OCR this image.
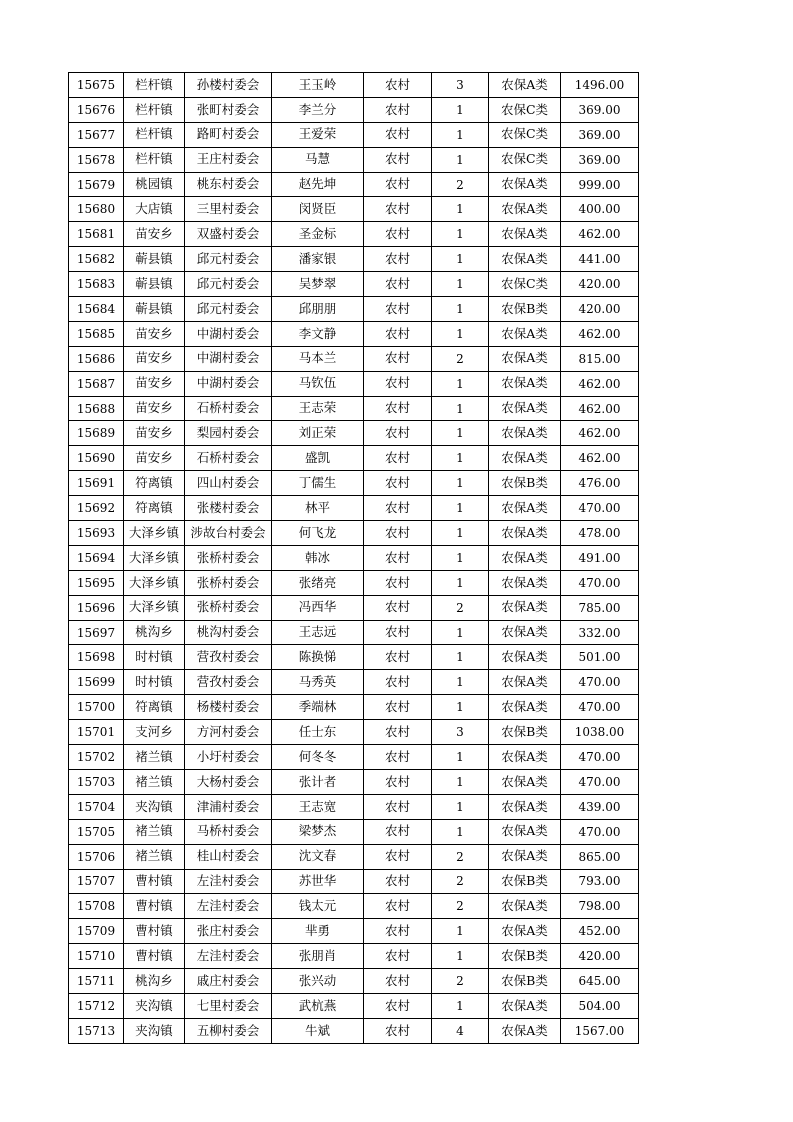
15675	栏杆镇	孙楼村委会	王玉岭	农村	3	农保A类	1496.00
15676	栏杆镇	张町村委会	李兰分	农村	1	农保C类	369.00
15677	栏杆镇	路町村委会	王爱荣	农村	1	农保C类	369.00
15678	栏杆镇	王庄村委会	马慧	农村	1	农保C类	369.00
15679	桃园镇	桃东村委会	赵先坤	农村	2	农保A类	999.00
15680	大店镇	三里村委会	闵贤臣	农村	1	农保A类	400.00
15681	苗安乡	双盛村委会	圣金标	农村	1	农保A类	462.00
15682	蕲县镇	邱元村委会	潘家银	农村	1	农保A类	441.00
15683	蕲县镇	邱元村委会	吴梦翠	农村	1	农保C类	420.00
15684	蕲县镇	邱元村委会	邱朋朋	农村	1	农保B类	420.00
15685	苗安乡	中湖村委会	李文静	农村	1	农保A类	462.00
15686	苗安乡	中湖村委会	马本兰	农村	2	农保A类	815.00
15687	苗安乡	中湖村委会	马钦伍	农村	1	农保A类	462.00
15688	苗安乡	石桥村委会	王志荣	农村	1	农保A类	462.00
15689	苗安乡	梨园村委会	刘正荣	农村	1	农保A类	462.00
15690	苗安乡	石桥村委会	盛凯	农村	1	农保A类	462.00
15691	符离镇	四山村委会	丁儒生	农村	1	农保B类	476.00
15692	符离镇	张楼村委会	林平	农村	1	农保A类	470.00
15693	大泽乡镇	涉故台村委会	何飞龙	农村	1	农保A类	478.00
15694	大泽乡镇	张桥村委会	韩冰	农村	1	农保A类	491.00
15695	大泽乡镇	张桥村委会	张绪亮	农村	1	农保A类	470.00
15696	大泽乡镇	张桥村委会	冯西华	农村	2	农保A类	785.00
15697	桃沟乡	桃沟村委会	王志远	农村	1	农保A类	332.00
15698	时村镇	营孜村委会	陈换悌	农村	1	农保A类	501.00
15699	时村镇	营孜村委会	马秀英	农村	1	农保A类	470.00
15700	符离镇	杨楼村委会	季端林	农村	1	农保A类	470.00
15701	支河乡	方河村委会	任士东	农村	3	农保B类	1038.00
15702	褚兰镇	小圩村委会	何冬冬	农村	1	农保A类	470.00
15703	褚兰镇	大杨村委会	张计者	农村	1	农保A类	470.00
15704	夹沟镇	津浦村委会	王志宽	农村	1	农保A类	439.00
15705	褚兰镇	马桥村委会	梁梦杰	农村	1	农保A类	470.00
15706	褚兰镇	桂山村委会	沈文春	农村	2	农保A类	865.00
15707	曹村镇	左洼村委会	苏世华	农村	2	农保B类	793.00
15708	曹村镇	左洼村委会	钱太元	农村	2	农保A类	798.00
15709	曹村镇	张庄村委会	芈勇	农村	1	农保A类	452.00
15710	曹村镇	左洼村委会	张朋肖	农村	1	农保B类	420.00
15711	桃沟乡	戚庄村委会	张兴动	农村	2	农保B类	645.00
15712	夹沟镇	七里村委会	武杭燕	农村	1	农保A类	504.00
15713	夹沟镇	五柳村委会	牛斌	农村	4	农保A类	1567.00
